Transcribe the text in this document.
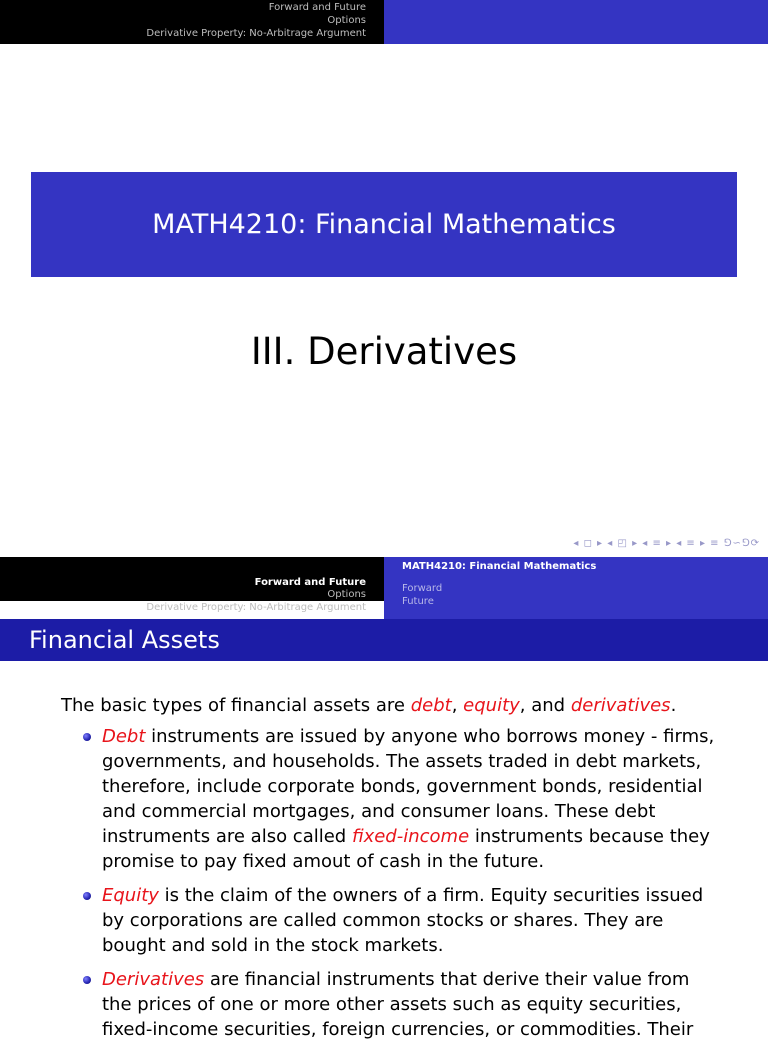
Forward and Future
Options
Derivative Property: No-Arbitrage Argument
MATH4210: Financial Mathematics
III. Derivatives
◂ ◻ ▸ ◂ ◰ ▸ ◂ ≡ ▸ ◂ ≡ ▸ ≡ ⅁∽⅁⟳
Forward and Future
Options
Derivative Property: No-Arbitrage Argument
MATH4210: Financial Mathematics
Forward
Future
Financial Assets

The basic types of financial assets are debt, equity, and derivatives.

Debt instruments are issued by anyone who borrows money - firms, governments, and households. The assets traded in debt markets, therefore, include corporate bonds, government bonds, residential and commercial mortgages, and consumer loans. These debt instruments are also called fixed-income instruments because they promise to pay fixed amout of cash in the future.
Equity is the claim of the owners of a firm. Equity securities issued by corporations are called common stocks or shares. They are bought and sold in the stock markets.
Derivatives are financial instruments that derive their value from the prices of one or more other assets such as equity securities, fixed-income securities, foreign currencies, or commodities. Their
